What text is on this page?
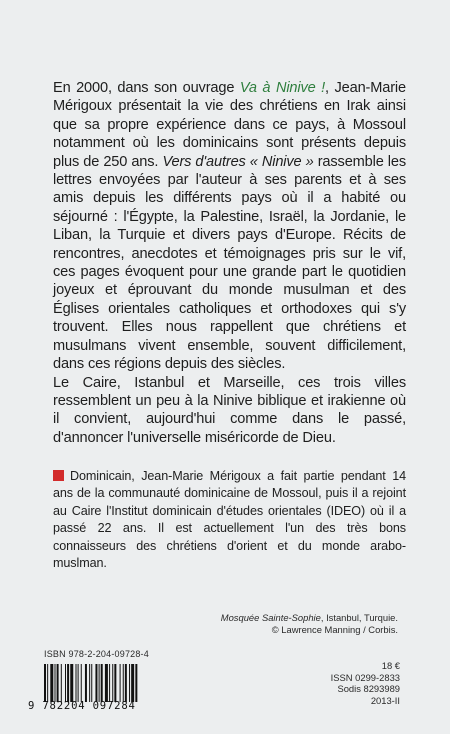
En 2000, dans son ouvrage Va à Ninive !, Jean-Marie Mérigoux présentait la vie des chrétiens en Irak ainsi que sa propre expérience dans ce pays, à Mossoul notamment où les dominicains sont présents depuis plus de 250 ans. Vers d'autres « Ninive » rassemble les lettres envoyées par l'auteur à ses parents et à ses amis depuis les différents pays où il a habité ou séjourné : l'Égypte, la Palestine, Israël, la Jordanie, le Liban, la Turquie et divers pays d'Europe. Récits de rencontres, anecdotes et témoignages pris sur le vif, ces pages évoquent pour une grande part le quotidien joyeux et éprouvant du monde musulman et des Églises orientales catholiques et orthodoxes qui s'y trouvent. Elles nous rappellent que chrétiens et musulmans vivent ensemble, souvent difficilement, dans ces régions depuis des siècles.

Le Caire, Istanbul et Marseille, ces trois villes ressemblent un peu à la Ninive biblique et irakienne où il convient, aujourd'hui comme dans le passé, d'annoncer l'universelle miséricorde de Dieu.

Dominicain, Jean-Marie Mérigoux a fait partie pendant 14 ans de la communauté dominicaine de Mossoul, puis il a rejoint au Caire l'Institut dominicain d'études orientales (IDEO) où il a passé 22 ans. Il est actuellement l'un des très bons connaisseurs des chrétiens d'orient et du monde arabo-muslman.
Mosquée Sainte-Sophie, Istanbul, Turquie.
© Lawrence Manning / Corbis.
ISBN 978-2-204-09728-4
9 782204 097284
18 €
ISSN 0299-2833
Sodis 8293989
2013-II
